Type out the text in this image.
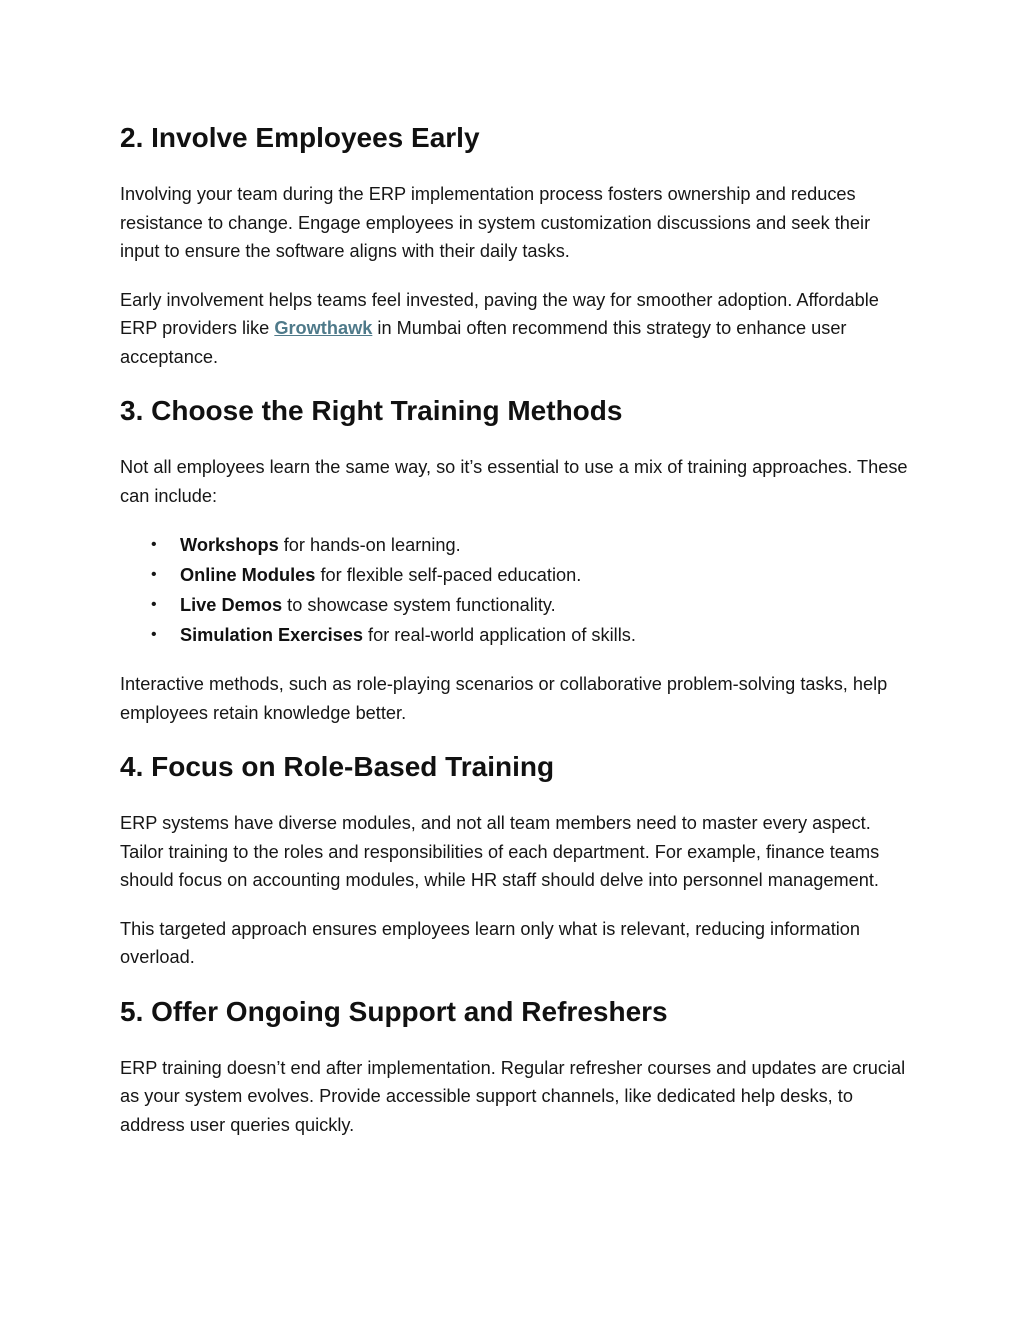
2. Involve Employees Early

Involving your team during the ERP implementation process fosters ownership and reduces resistance to change. Engage employees in system customization discussions and seek their input to ensure the software aligns with their daily tasks.

Early involvement helps teams feel invested, paving the way for smoother adoption. Affordable ERP providers like Growthawk in Mumbai often recommend this strategy to enhance user acceptance.

3. Choose the Right Training Methods

Not all employees learn the same way, so it’s essential to use a mix of training approaches. These can include:

• Workshops for hands-on learning.
• Online Modules for flexible self-paced education.
• Live Demos to showcase system functionality.
• Simulation Exercises for real-world application of skills.

Interactive methods, such as role-playing scenarios or collaborative problem-solving tasks, help employees retain knowledge better.

4. Focus on Role-Based Training

ERP systems have diverse modules, and not all team members need to master every aspect. Tailor training to the roles and responsibilities of each department. For example, finance teams should focus on accounting modules, while HR staff should delve into personnel management.

This targeted approach ensures employees learn only what is relevant, reducing information overload.

5. Offer Ongoing Support and Refreshers

ERP training doesn’t end after implementation. Regular refresher courses and updates are crucial as your system evolves. Provide accessible support channels, like dedicated help desks, to address user queries quickly.
